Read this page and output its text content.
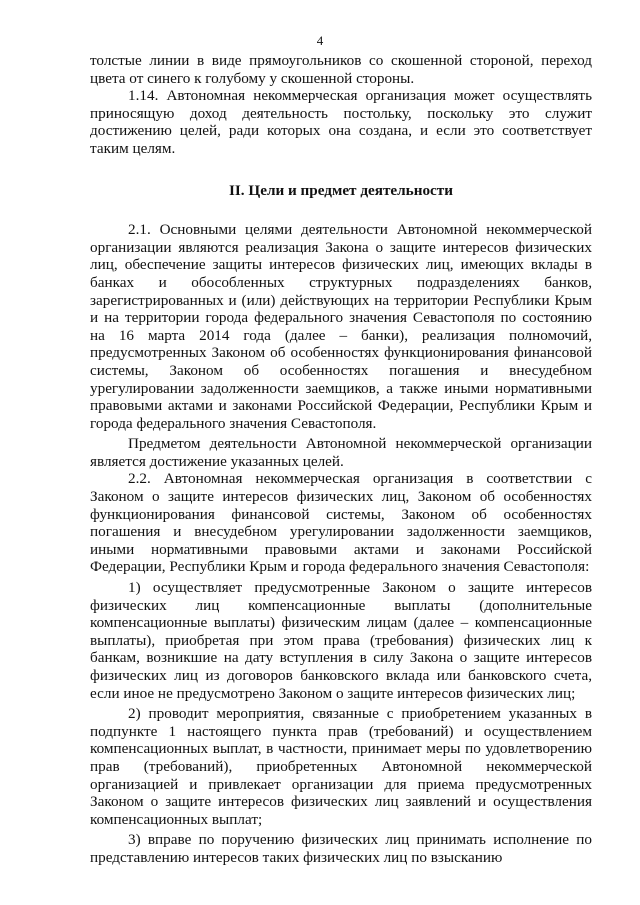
4

толстые линии в виде прямоугольников со скошенной стороной, переход цвета от синего к голубому у скошенной стороны.

1.14. Автономная некоммерческая организация может осуществлять приносящую доход деятельность постольку, поскольку это служит достижению целей, ради которых она создана, и если это соответствует таким целям.

II. Цели и предмет деятельности

2.1. Основными целями деятельности Автономной некоммерческой организации являются реализация Закона о защите интересов физических лиц, обеспечение защиты интересов физических лиц, имеющих вклады в банках и обособленных структурных подразделениях банков, зарегистрированных и (или) действующих на территории Республики Крым и на территории города федерального значения Севастополя по состоянию на 16 марта 2014 года (далее – банки), реализация полномочий, предусмотренных Законом об особенностях функционирования финансовой системы, Законом об особенностях погашения и внесудебном урегулировании задолженности заемщиков, а также иными нормативными правовыми актами и законами Российской Федерации, Республики Крым и города федерального значения Севастополя.

Предметом деятельности Автономной некоммерческой организации является достижение указанных целей.

2.2. Автономная некоммерческая организация в соответствии с Законом о защите интересов физических лиц, Законом об особенностях функционирования финансовой системы, Законом об особенностях погашения и внесудебном урегулировании задолженности заемщиков, иными нормативными правовыми актами и законами Российской Федерации, Республики Крым и города федерального значения Севастополя:

1) осуществляет предусмотренные Законом о защите интересов физических лиц компенсационные выплаты (дополнительные компенсационные выплаты) физическим лицам (далее – компенсационные выплаты), приобретая при этом права (требования) физических лиц к банкам, возникшие на дату вступления в силу Закона о защите интересов физических лиц из договоров банковского вклада или банковского счета, если иное не предусмотрено Законом о защите интересов физических лиц;

2) проводит мероприятия, связанные с приобретением указанных в подпункте 1 настоящего пункта прав (требований) и осуществлением компенсационных выплат, в частности, принимает меры по удовлетворению прав (требований), приобретенных Автономной некоммерческой организацией и привлекает организации для приема предусмотренных Законом о защите интересов физических лиц заявлений и осуществления компенсационных выплат;

3) вправе по поручению физических лиц принимать исполнение по представлению интересов таких физических лиц по взысканию
